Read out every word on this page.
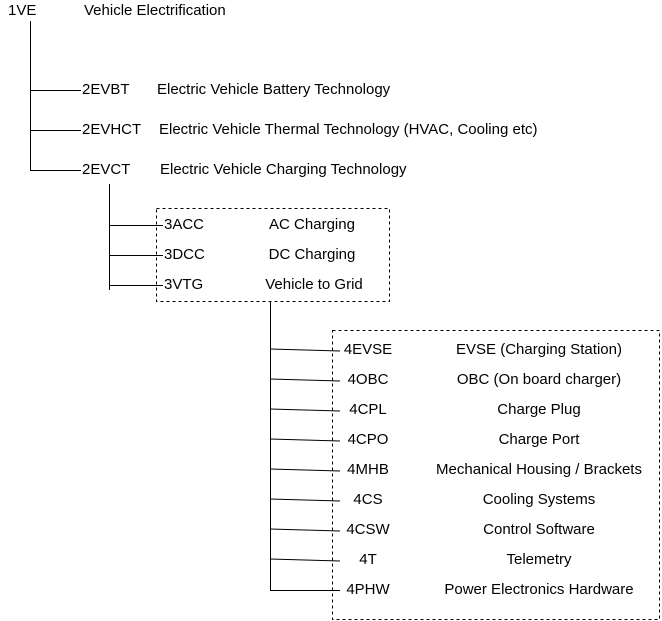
1VE	Vehicle Electrification
2EVBT Electric Vehicle Battery Technology
2EVHCT Electric Vehicle Thermal Technology (HVAC, Cooling etc)
2EVCT Electric Vehicle Charging Technology
3ACC	AC Charging
3DCC	DC Charging
3VTG	Vehicle to Grid
4EVSE	EVSE (Charging Station)
4OBC	OBC (On board charger)
4CPL	Charge Plug
4CPO	Charge Port
4MHB	Mechanical Housing / Brackets
4CS	Cooling Systems
4CSW	Control Software
4T	Telemetry
4PHW	Power Electronics Hardware
